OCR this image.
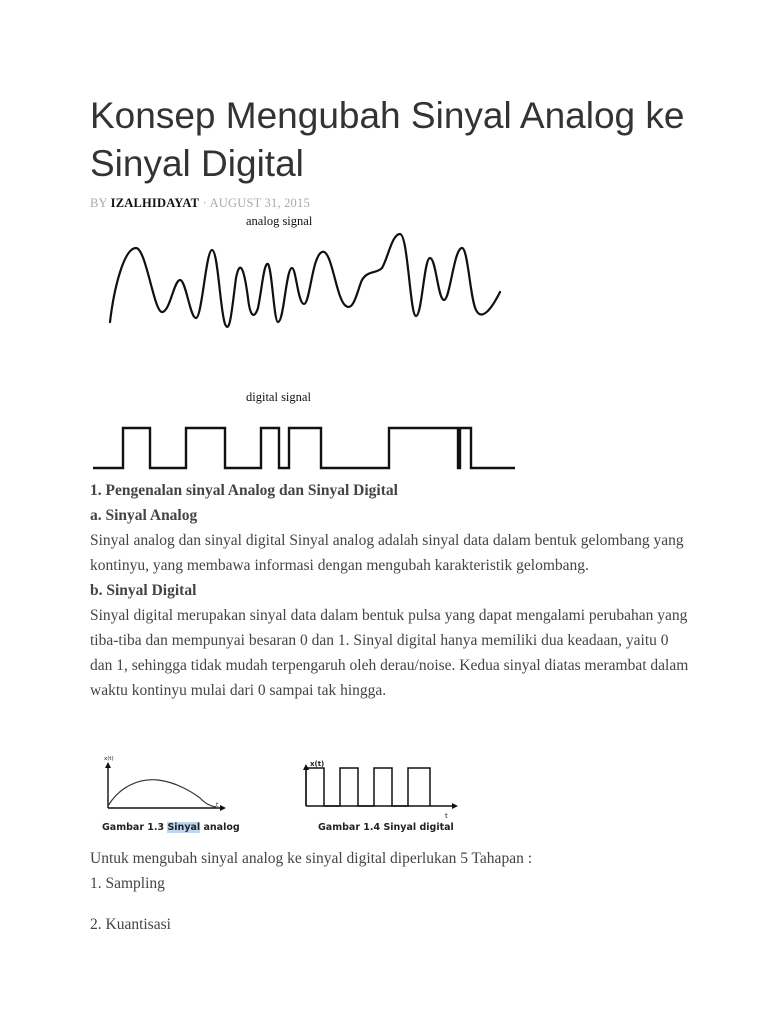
Konsep Mengubah Sinyal Analog ke Sinyal Digital
BY IZALHIDAYAT · AUGUST 31, 2015
analog signal
digital signal
1. Pengenalan sinyal Analog dan Sinyal Digital
a. Sinyal Analog
Sinyal analog dan sinyal digital Sinyal analog adalah sinyal data dalam bentuk gelombang yang kontinyu, yang membawa informasi dengan mengubah karakteristik gelombang.
b. Sinyal Digital
Sinyal digital merupakan sinyal data dalam bentuk pulsa yang dapat mengalami perubahan yang tiba-tiba dan mempunyai besaran 0 dan 1. Sinyal digital hanya memiliki dua keadaan, yaitu 0 dan 1, sehingga tidak mudah terpengaruh oleh derau/noise. Kedua sinyal diatas merambat dalam waktu kontinyu mulai dari 0 sampai tak hingga.
x(t)
t
Gambar 1.3 Sinyal analog
x(t)
t
Gambar 1.4 Sinyal digital
Untuk mengubah sinyal analog ke sinyal digital diperlukan 5 Tahapan :
1. Sampling
2. Kuantisasi
